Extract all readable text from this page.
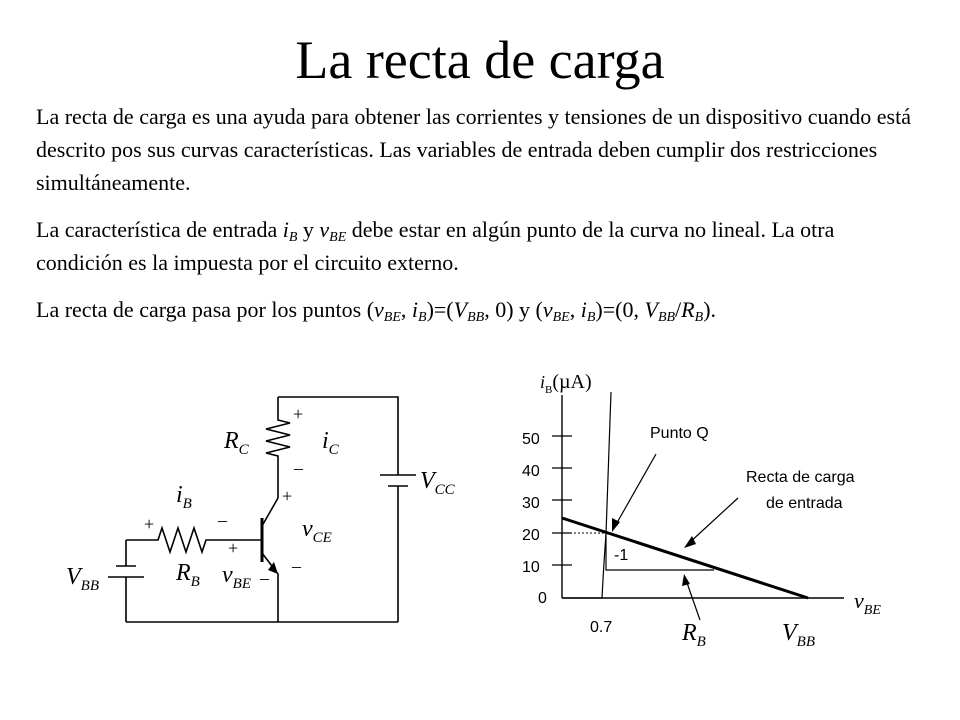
La recta de carga
La recta de carga es una ayuda para obtener las corrientes y tensiones de un dispositivo cuando está descrito pos sus curvas características. Las variables de entrada deben cumplir dos restricciones simultáneamente.
La característica de entrada $i_B$ y $v_{BE}$ debe estar en algún punto de la curva no lineal. La otra condición es la impuesta por el circuito externo.
La recta de carga pasa por los puntos ($v_{BE}$, $i_B)=(V_{BB}$, 0) y ($v_{BE}$, $i_B)=(0$, $V_{BB}/R_B$).
$R_C$	$i_C$
$V_{CC}$
$i_B$
$v_{CE}$
$V_{BB}$	$R_B$ $v_{BE}$
+
–
+
–
+	–
+
–
50
40
30
20
10
0
0.7
Punto Q
Recta de carga
de entrada
-1
$i_B(\mu A)$
$v_{BE}$
$R_B$	$V_{BB}$
